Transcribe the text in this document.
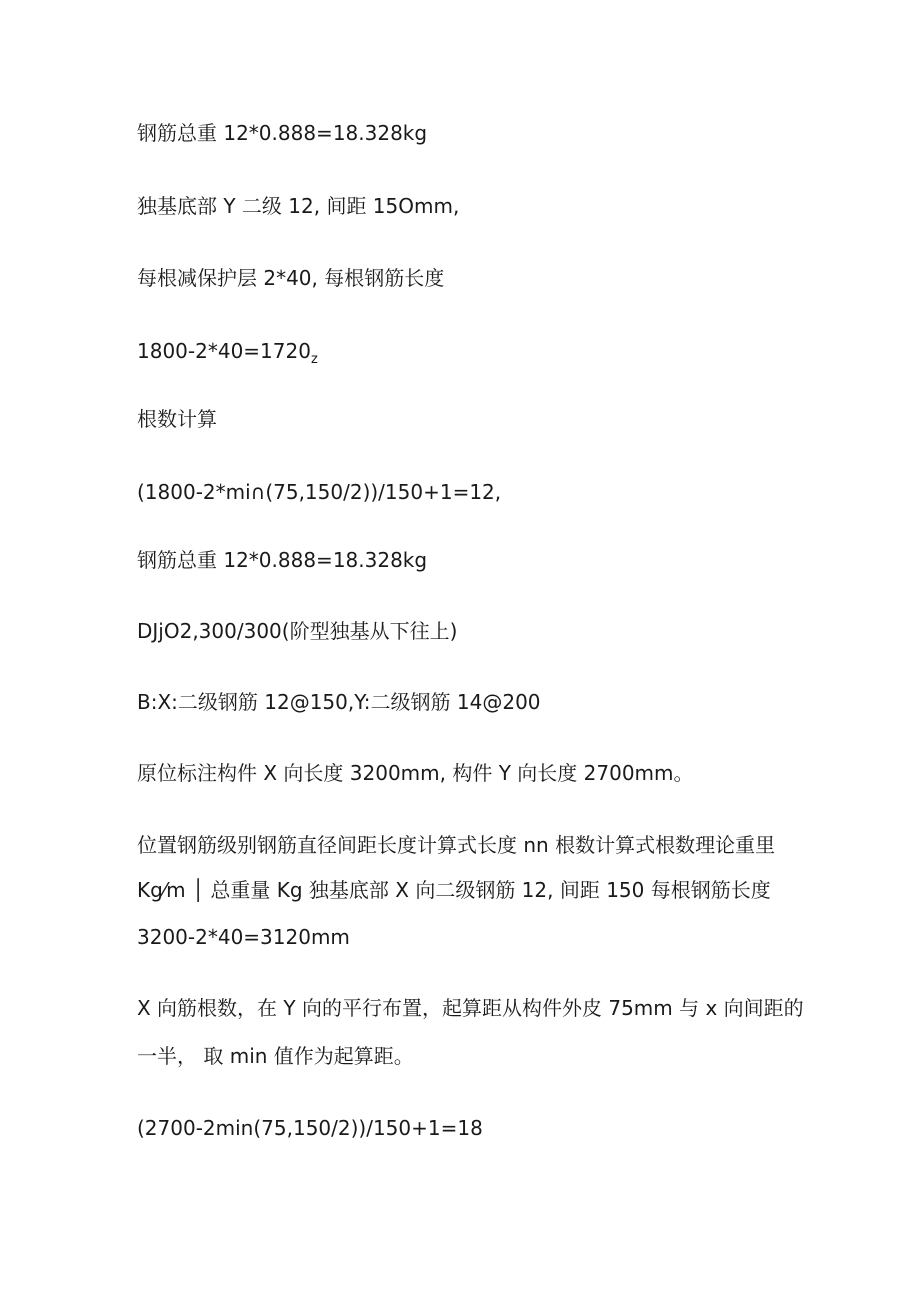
钢筋总重 12*0.888=18.328kg
独基底部 Y 二级 12, 间距 15Omm,
每根减保护层 2*40, 每根钢筋长度
$1800-2*40=1720_z$
根数计算
(1800-2*mi∩(75,150/2))/150+1=12,
钢筋总重 12*0.888=18.328kg
DJjO2,300/300(阶型独基从下往上)
B:X:二级钢筋 12@150,Y:二级钢筋 14@200
原位标注构件 X 向长度 3200mm, 构件 Y 向长度 2700mm。
位置钢筋级别钢筋直径间距长度计算式长度 nn 根数计算式根数理论重里
Kg⁄m │ 总重量 Kg 独基底部 X 向二级钢筋 12, 间距 150 每根钢筋长度
3200-2*40=3120mm
X 向筋根数，在 Y 向的平行布置，起算距从构件外皮 75mm 与 x 向间距的
一半， 取 min 值作为起算距。
(2700-2min(75,150/2))/150+1=18
